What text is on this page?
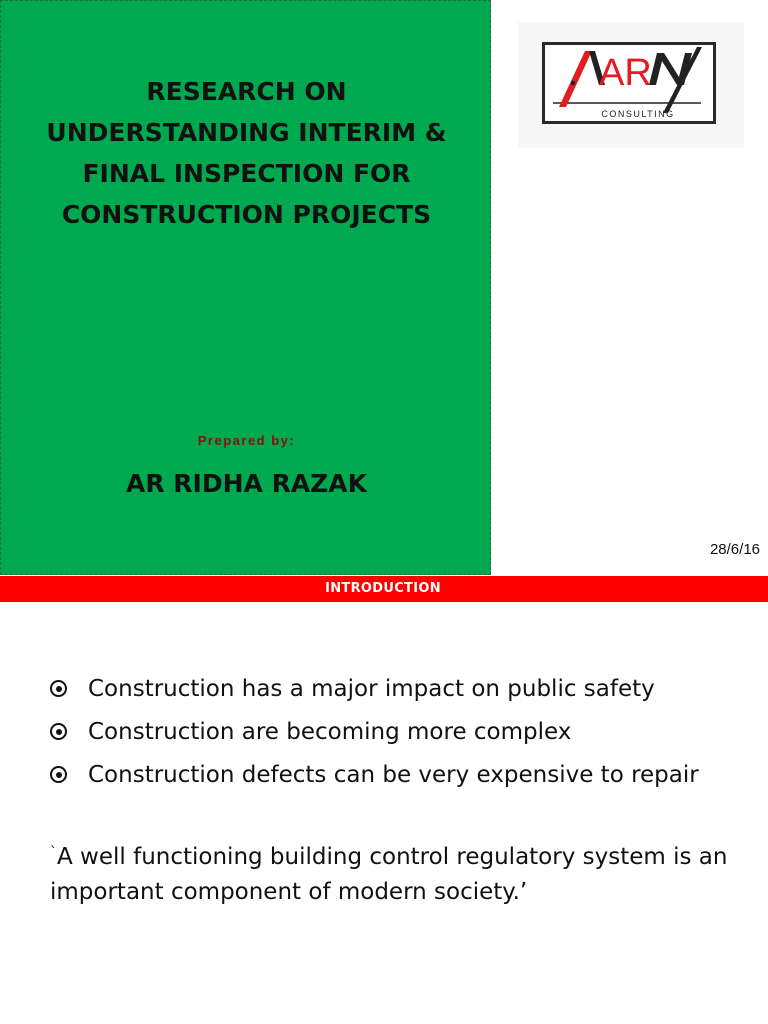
RESEARCH ON
UNDERSTANDING INTERIM &
FINAL INSPECTION FOR
CONSTRUCTION PROJECTS
Prepared by:
AR RIDHA RAZAK
AR
CONSULTING
28/6/16
INTRODUCTION
Construction has a major impact on public safety
Construction are becoming more complex
Construction defects can be very expensive to repair
`A well functioning building control regulatory system is an important component of modern society.’
